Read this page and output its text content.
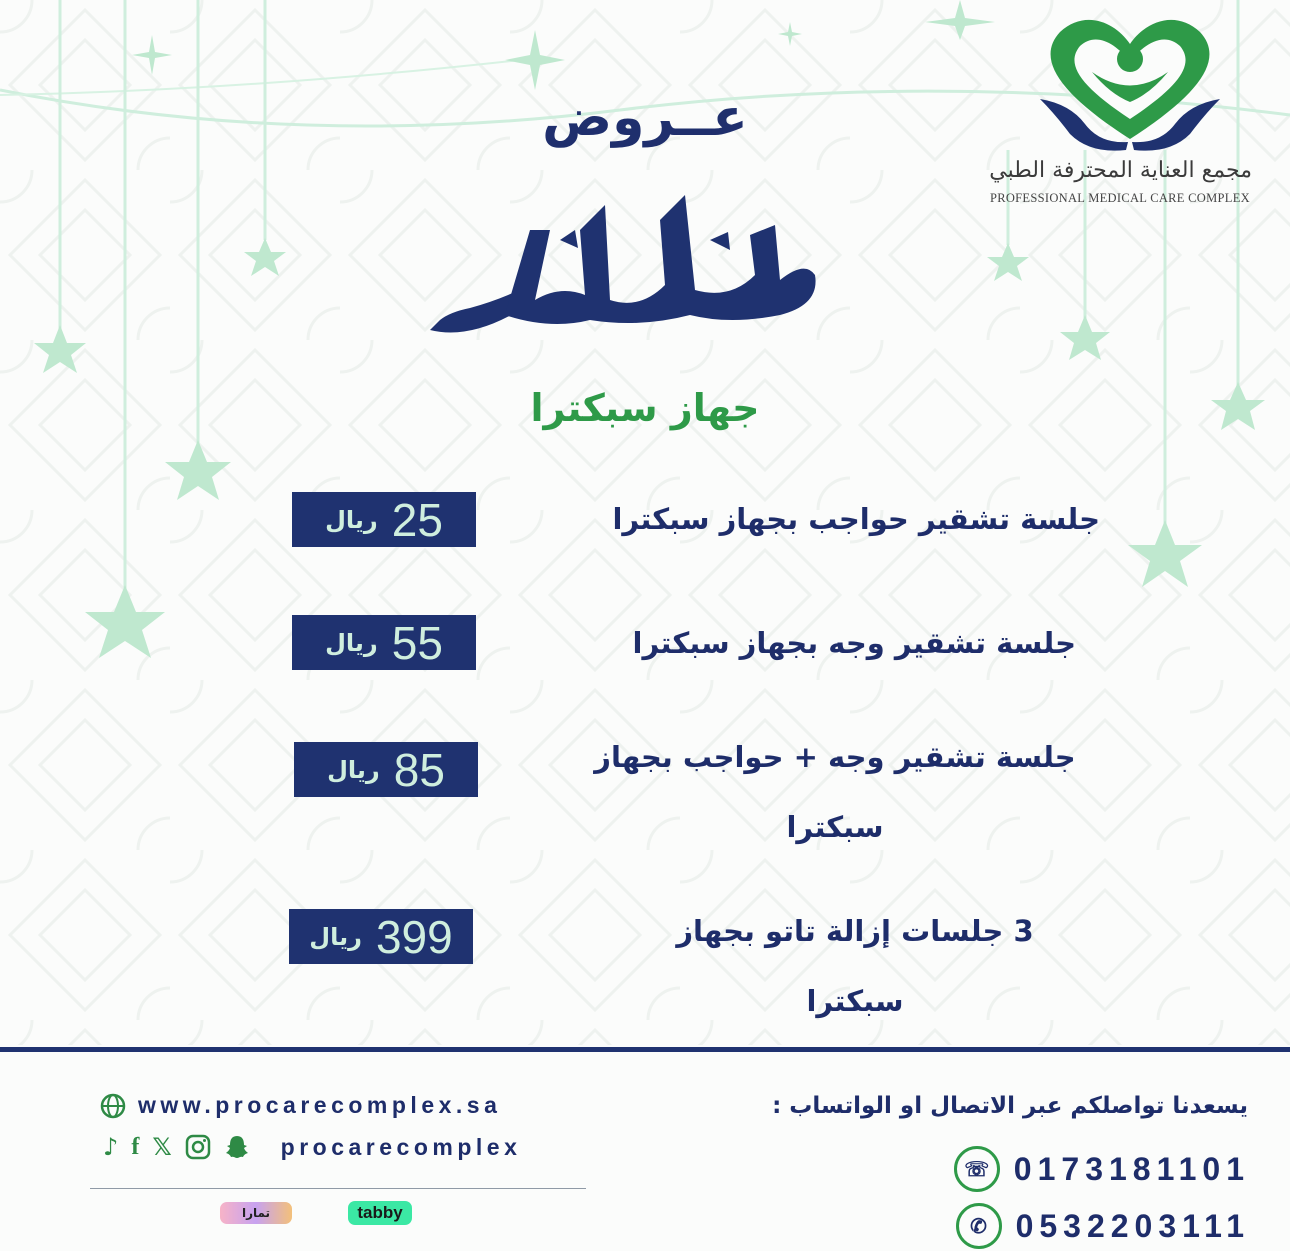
مجمع العناية المحترفة الطبي
PROFESSIONAL MEDICAL CARE COMPLEX
عــروض
جهاز سبكترا
جلسة تشقير حواجب بجهاز سبكترا
ريال 25
جلسة تشقير وجه بجهاز سبكترا
ريال 55
جلسة تشقير وجه + حواجب بجهاز سبكترا
ريال 85
3 جلسات إزالة تاتو بجهاز سبكترا
ريال 399
يسعدنا تواصلكم عبر الاتصال او الواتساب :
☏ 0173181101
✆ 0532203111
www.procarecomplex.sa
♪ f 𝕏	procarecomplex
تمارا	tabby
